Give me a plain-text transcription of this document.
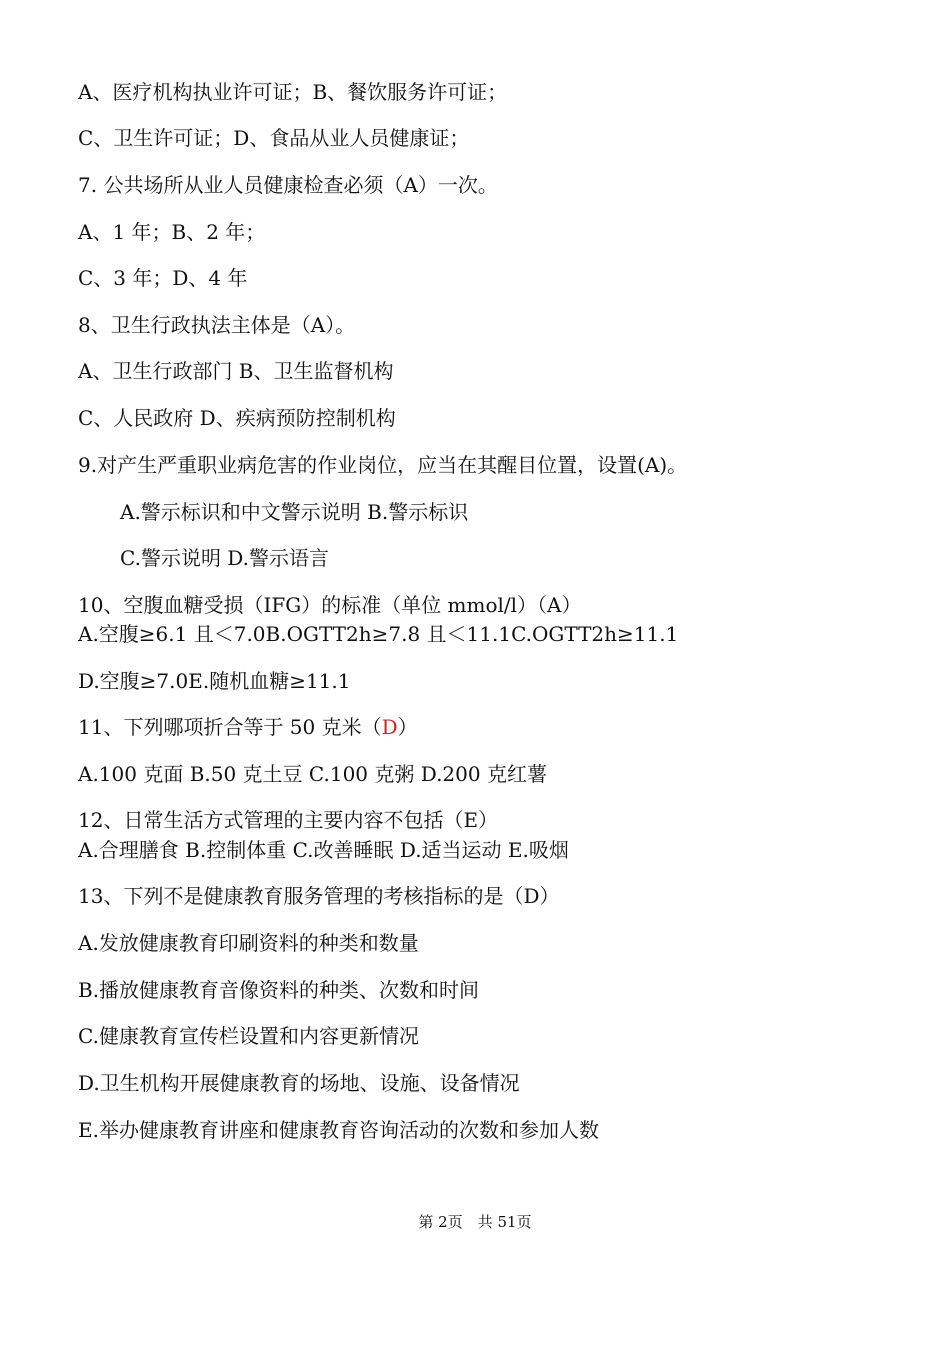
A、医疗机构执业许可证；B、餐饮服务许可证；
C、卫生许可证；D、食品从业人员健康证；
7. 公共场所从业人员健康检查必须（A）一次。
A、1 年；B、2 年；
C、3 年；D、4 年
8、卫生行政执法主体是（A）。
A、卫生行政部门 B、卫生监督机构
C、人民政府 D、疾病预防控制机构
9.对产生严重职业病危害的作业岗位，应当在其醒目位置，设置(A)。
A.警示标识和中文警示说明 B.警示标识
C.警示说明 D.警示语言
10、空腹血糖受损（IFG）的标准（单位 mmol/l）（A）
A.空腹≥6.1 且＜7.0B.OGTT2h≥7.8 且＜11.1C.OGTT2h≥11.1
D.空腹≥7.0E.随机血糖≥11.1
11、下列哪项折合等于 50 克米（D）
A.100 克面 B.50 克土豆 C.100 克粥 D.200 克红薯
12、日常生活方式管理的主要内容不包括（E）
A.合理膳食 B.控制体重 C.改善睡眠 D.适当运动 E.吸烟
13、下列不是健康教育服务管理的考核指标的是（D）
A.发放健康教育印刷资料的种类和数量
B.播放健康教育音像资料的种类、次数和时间
C.健康教育宣传栏设置和内容更新情况
D.卫生机构开展健康教育的场地、设施、设备情况
E.举办健康教育讲座和健康教育咨询活动的次数和参加人数
第 2页　共 51页
